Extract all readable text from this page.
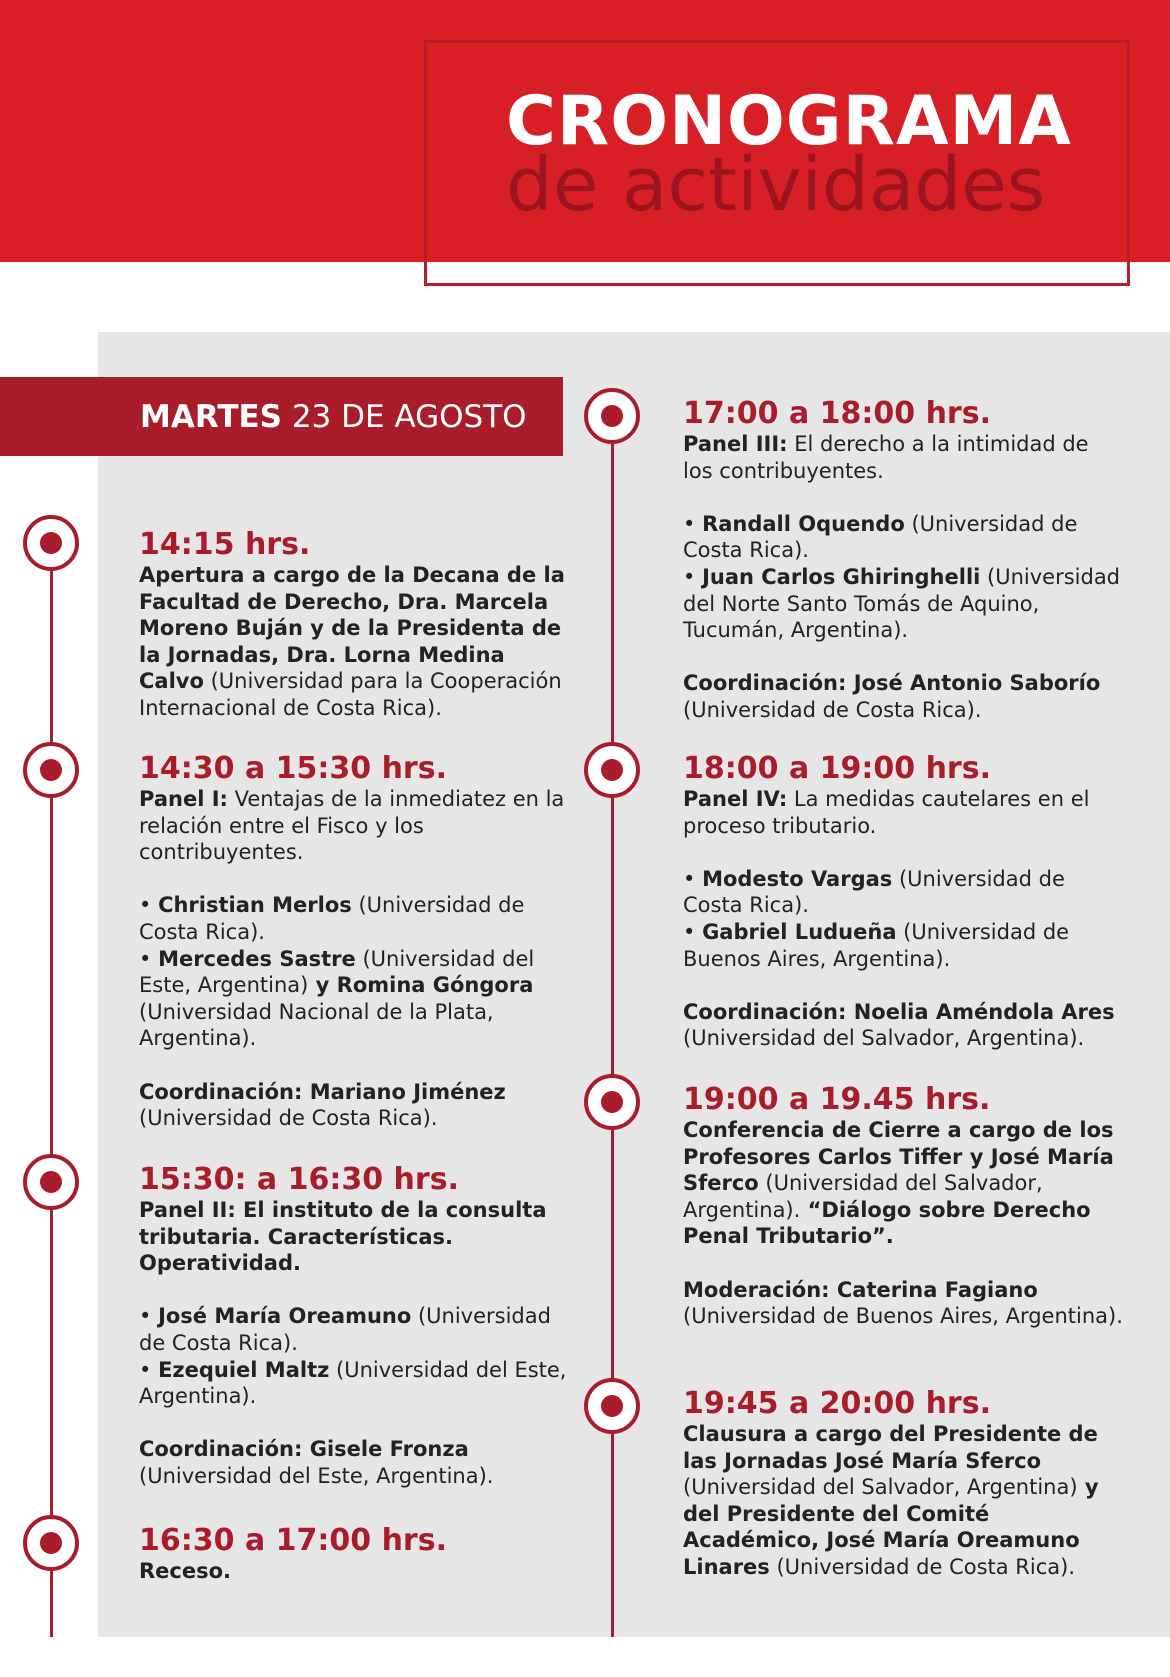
CRONOGRAMA
de actividades
MARTES 23 DE AGOSTO
14:15 hrs.

Apertura a cargo de la Decana de la Facultad de Derecho, Dra. Marcela Moreno Buján y de la Presidenta de la Jornadas, Dra. Lorna Medina Calvo (Universidad para la Cooperación Internacional de Costa Rica).

14:30 a 15:30 hrs.

Panel I: Ventajas de la inmediatez en la relación entre el Fisco y los contribuyentes.

• Christian Merlos (Universidad de Costa Rica).
• Mercedes Sastre (Universidad del Este, Argentina) y Romina Góngora (Universidad Nacional de la Plata, Argentina).

Coordinación: Mariano Jiménez (Universidad de Costa Rica).

15:30: a 16:30 hrs.

Panel II: El instituto de la consulta tributaria. Características. Operatividad.

• José María Oreamuno (Universidad de Costa Rica).
• Ezequiel Maltz (Universidad del Este, Argentina).

Coordinación: Gisele Fronza (Universidad del Este, Argentina).

16:30 a 17:00 hrs.

Receso.

17:00 a 18:00 hrs.

Panel III: El derecho a la intimidad de los contribuyentes.

• Randall Oquendo (Universidad de Costa Rica).
• Juan Carlos Ghiringhelli (Universidad del Norte Santo Tomás de Aquino, Tucumán, Argentina).

Coordinación: José Antonio Saborío (Universidad de Costa Rica).

18:00 a 19:00 hrs.

Panel IV: La medidas cautelares en el proceso tributario.

• Modesto Vargas (Universidad de Costa Rica).
• Gabriel Ludueña (Universidad de Buenos Aires, Argentina).

Coordinación: Noelia Améndola Ares (Universidad del Salvador, Argentina).

19:00 a 19.45 hrs.

Conferencia de Cierre a cargo de los Profesores Carlos Tiffer y José María Sferco (Universidad del Salvador, Argentina). “Diálogo sobre Derecho Penal Tributario”.

Moderación: Caterina Fagiano (Universidad de Buenos Aires, Argentina).

19:45 a 20:00 hrs.

Clausura a cargo del Presidente de las Jornadas José María Sferco (Universidad del Salvador, Argentina) y del Presidente del Comité Académico, José María Oreamuno Linares (Universidad de Costa Rica).
